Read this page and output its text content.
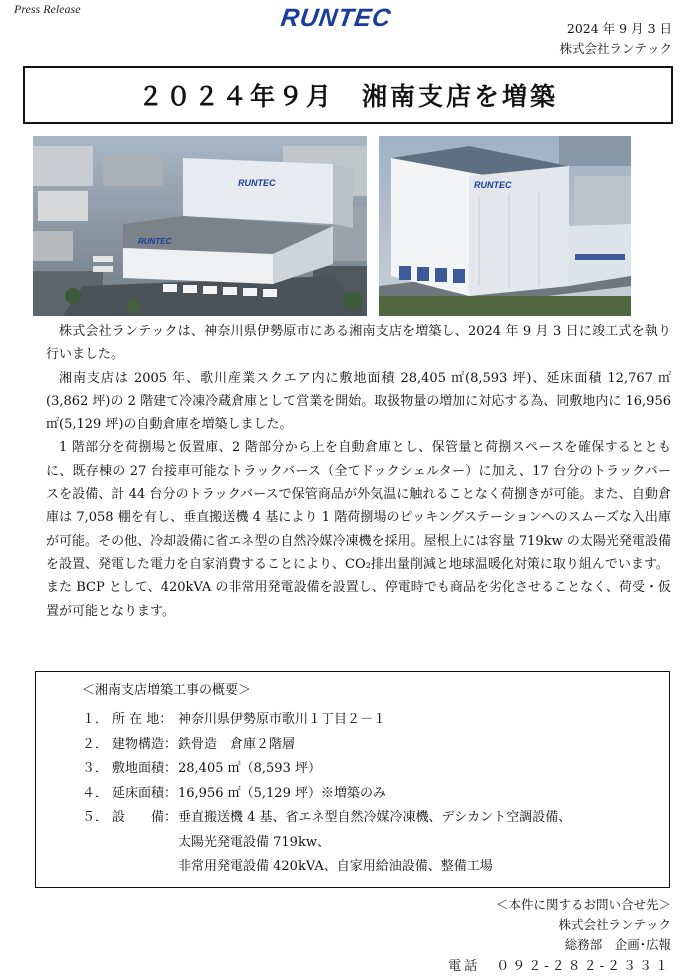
Press Release	RUNTEC	2024 年 9 月 3 日
株式会社ランテック
２０２４年９月　湘南支店を増築
RUNTEC
RUNTEC
RUNTEC

株式会社ランテックは、神奈川県伊勢原市にある湘南支店を増築し、2024 年 9 月 3 日に竣工式を執り行いました。

湘南支店は 2005 年、歌川産業スクエア内に敷地面積 28,405 ㎡(8,593 坪)、延床面積 12,767 ㎡(3,862 坪)の 2 階建て冷凍冷蔵倉庫として営業を開始。取扱物量の増加に対応する為、同敷地内に 16,956 ㎡(5,129 坪)の自動倉庫を増築しました。

1 階部分を荷捌場と仮置庫、2 階部分から上を自動倉庫とし、保管量と荷捌スペースを確保するとともに、既存棟の 27 台接車可能なトラックバース（全てドックシェルター）に加え、17 台分のトラックバースを設備、計 44 台分のトラックバースで保管商品が外気温に触れることなく荷捌きが可能。また、自動倉庫は 7,058 棚を有し、垂直搬送機 4 基により 1 階荷捌場のピッキングステーションへのスムーズな入出庫が可能。その他、冷却設備に省エネ型の自然冷媒冷凍機を採用。屋根上には容量 719kw の太陽光発電設備を設置、発電した電力を自家消費することにより、CO₂排出量削減と地球温暖化対策に取り組んでいます。

また BCP として、420kVA の非常用発電設備を設置し、停電時でも商品を劣化させることなく、荷受・仮置が可能となります。

＜湘南支店増築工事の概要＞
１． 所 在 地： 神奈川県伊勢原市歌川１丁目２－１
２． 建物構造： 鉄骨造　倉庫２階層
３． 敷地面積： 28,405 ㎡（8,593 坪）
４． 延床面積： 16,956 ㎡（5,129 坪）※増築のみ
５． 設　　備： 垂直搬送機 4 基、省エネ型自然冷媒冷凍機、デシカント空調設備、
太陽光発電設備 719kw、
非常用発電設備 420kVA、自家用給油設備、整備工場
＜本件に関するお問い合せ先＞
株式会社ランテック
総務部　企画･広報
電話　 ０９２-２８２-２３３１
